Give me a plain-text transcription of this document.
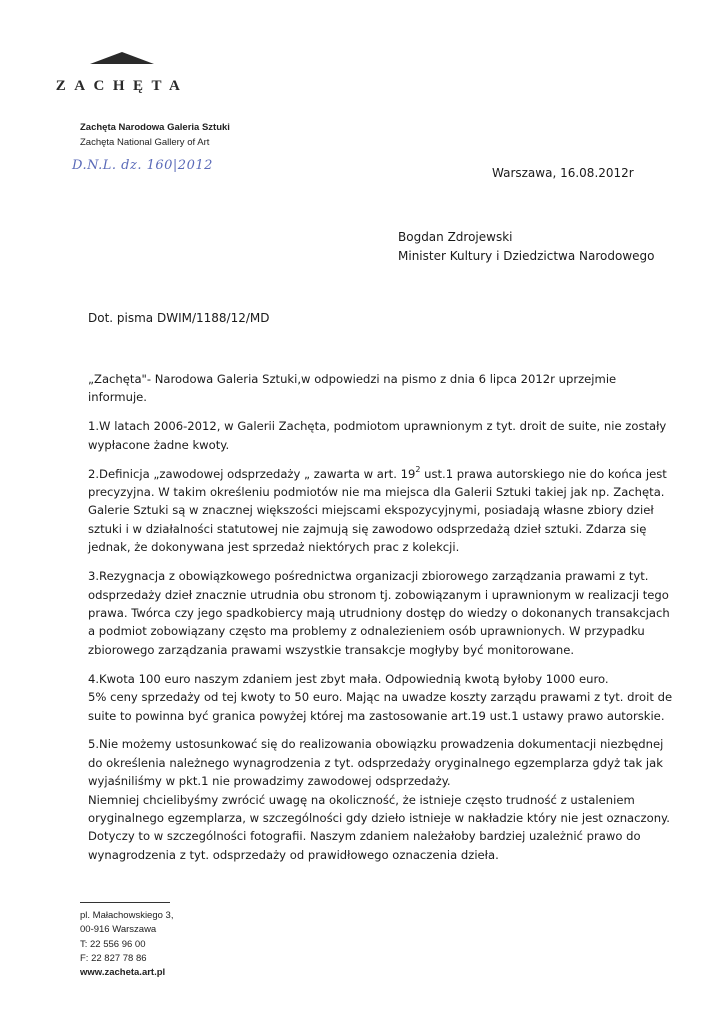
ZACHĘTA
Zachęta Narodowa Galeria Sztuki
Zachęta National Gallery of Art
D.N.L. dz. 160|2012	Warszawa, 16.08.2012r
Bogdan Zdrojewski
Minister Kultury i Dziedzictwa Narodowego
Dot. pisma DWIM/1188/12/MD

„Zachęta"- Narodowa Galeria Sztuki,w odpowiedzi na pismo z dnia 6 lipca 2012r uprzejmie
informuje.

1.W latach 2006-2012, w Galerii Zachęta, podmiotom uprawnionym z tyt. droit de suite, nie zostały
wypłacone żadne kwoty.

2.Definicja „zawodowej odsprzedaży „ zawarta w art. $19^2$ ust.1 prawa autorskiego nie do końca jest
precyzyjna. W takim określeniu podmiotów nie ma miejsca dla Galerii Sztuki takiej jak np. Zachęta.
Galerie Sztuki są w znacznej większości miejscami ekspozycyjnymi, posiadają własne zbiory dzieł
sztuki i w działalności statutowej nie zajmują się zawodowo odsprzedażą dzieł sztuki. Zdarza się
jednak, że dokonywana jest sprzedaż niektórych prac z kolekcji.

3.Rezygnacja z obowiązkowego pośrednictwa organizacji zbiorowego zarządzania prawami z tyt.
odsprzedaży dzieł znacznie utrudnia obu stronom tj. zobowiązanym i uprawnionym w realizacji tego
prawa. Twórca czy jego spadkobiercy mają utrudniony dostęp do wiedzy o dokonanych transakcjach
a podmiot zobowiązany często ma problemy z odnalezieniem osób uprawnionych. W przypadku
zbiorowego zarządzania prawami wszystkie transakcje mogłyby być monitorowane.

4.Kwota 100 euro naszym zdaniem jest zbyt mała. Odpowiednią kwotą byłoby 1000 euro.
5% ceny sprzedaży od tej kwoty to 50 euro. Mając na uwadze koszty zarządu prawami z tyt. droit de
suite to powinna być granica powyżej której ma zastosowanie art.19 ust.1 ustawy prawo autorskie.

5.Nie możemy ustosunkować się do realizowania obowiązku prowadzenia dokumentacji niezbędnej
do określenia należnego wynagrodzenia z tyt. odsprzedaży oryginalnego egzemplarza gdyż tak jak
wyjaśniliśmy w pkt.1 nie prowadzimy zawodowej odsprzedaży.
Niemniej chcielibyśmy zwrócić uwagę na okoliczność, że istnieje często trudność z ustaleniem
oryginalnego egzemplarza, w szczególności gdy dzieło istnieje w nakładzie który nie jest oznaczony.
Dotyczy to w szczególności fotografii. Naszym zdaniem należałoby bardziej uzależnić prawo do
wynagrodzenia z tyt. odsprzedaży od prawidłowego oznaczenia dzieła.

pl. Małachowskiego 3,
00-916 Warszawa
T: 22 556 96 00
F: 22 827 78 86
www.zacheta.art.pl
